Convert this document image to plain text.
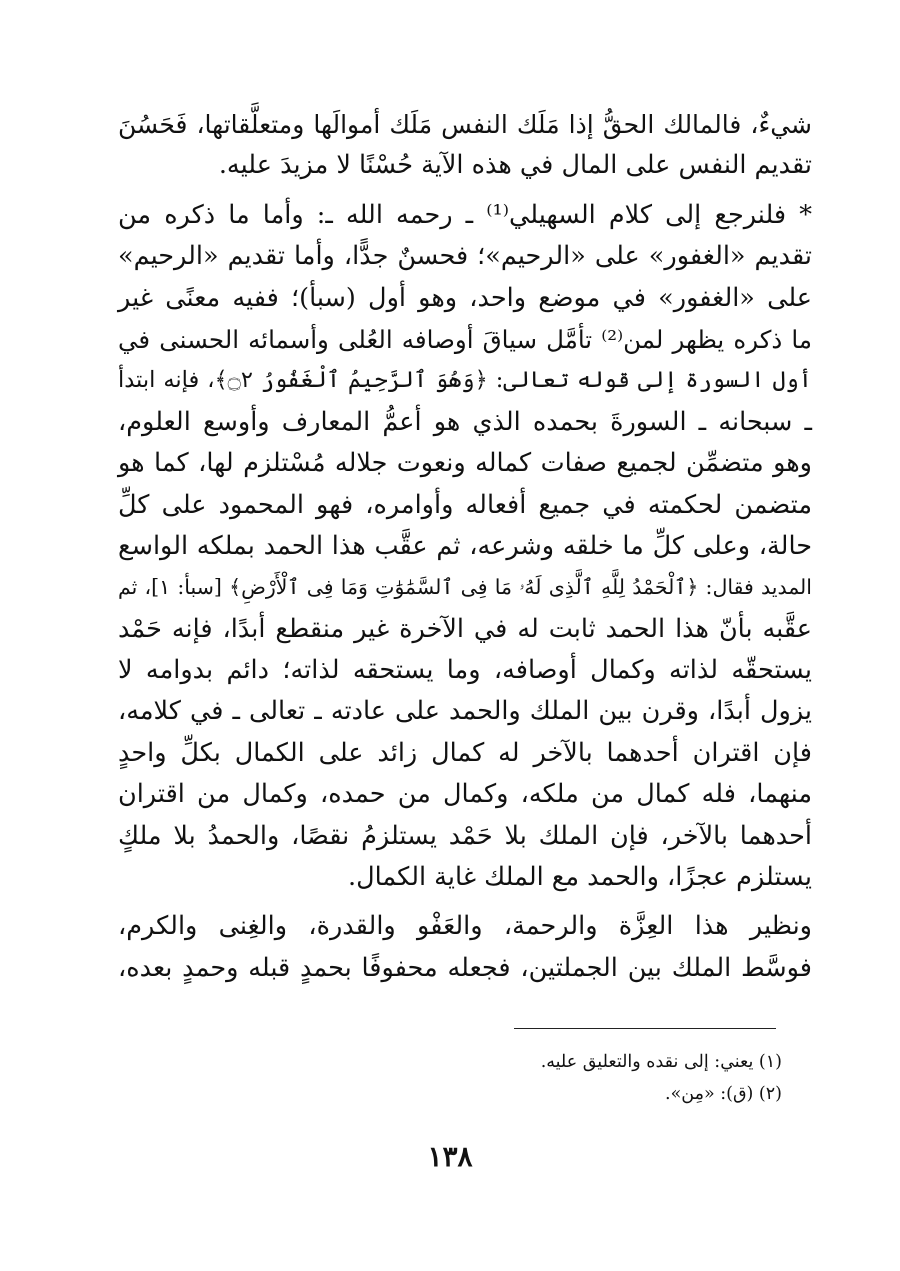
شيءٌ، فالمالك الحقُّ إذا مَلَك النفس مَلَك أموالَها ومتعلَّقاتها، فَحَسُنَ
تقديم النفس على المال في هذه الآية حُسْنًا لا مزيدَ عليه.
* فلنرجع إلى كلام السهيلي⁽¹⁾ ـ رحمه الله ـ: وأما ما ذكره من
تقديم «الغفور» على «الرحيم»؛ فحسنٌ جدًّا، وأما تقديم «الرحيم»
على «الغفور» في موضع واحد، وهو أول (سبأ)؛ ففيه معنًى غير
ما ذكره يظهر لمن⁽²⁾ تأمَّل سياقَ أوصافه العُلى وأسمائه الحسنى في
أول السورة إلى قوله تعالى: ﴿وَهُوَ ٱلرَّحِيمُ ٱلْغَفُورُ ۝٢﴾، فإنه ابتدأ
ـ سبحانه ـ السورةَ بحمده الذي هو أعمُّ المعارف وأوسع العلوم،
وهو متضمِّن لجميع صفات كماله ونعوت جلاله مُسْتلزم لها، كما هو
متضمن لحكمته في جميع أفعاله وأوامره، فهو المحمود على كلِّ
حالة، وعلى كلِّ ما خلقه وشرعه، ثم عقَّب هذا الحمد بملكه الواسع
المديد فقال: ﴿ٱلْحَمْدُ لِلَّهِ ٱلَّذِى لَهُۥ مَا فِى ٱلسَّمَٰوَٰتِ وَمَا فِى ٱلْأَرْضِ﴾ [سبأ: ١]، ثم
عقَّبه بأنّ هذا الحمد ثابت له في الآخرة غير منقطع أبدًا، فإنه حَمْد
يستحقّه لذاته وكمال أوصافه، وما يستحقه لذاته؛ دائم بدوامه لا
يزول أبدًا، وقرن بين الملك والحمد على عادته ـ تعالى ـ في كلامه،
فإن اقتران أحدهما بالآخر له كمال زائد على الكمال بكلِّ واحدٍ
منهما، فله كمال من ملكه، وكمال من حمده، وكمال من اقتران
أحدهما بالآخر، فإن الملك بلا حَمْد يستلزمُ نقصًا، والحمدُ بلا ملكٍ
يستلزم عجزًا، والحمد مع الملك غاية الكمال.
ونظير هذا العِزَّة والرحمة، والعَفْو والقدرة، والغِنى والكرم،
فوسَّط الملك بين الجملتين، فجعله محفوفًا بحمدٍ قبله وحمدٍ بعده،
(١) يعني: إلى نقده والتعليق عليه.
(٢) (ق): «مِن».
١٣٨
